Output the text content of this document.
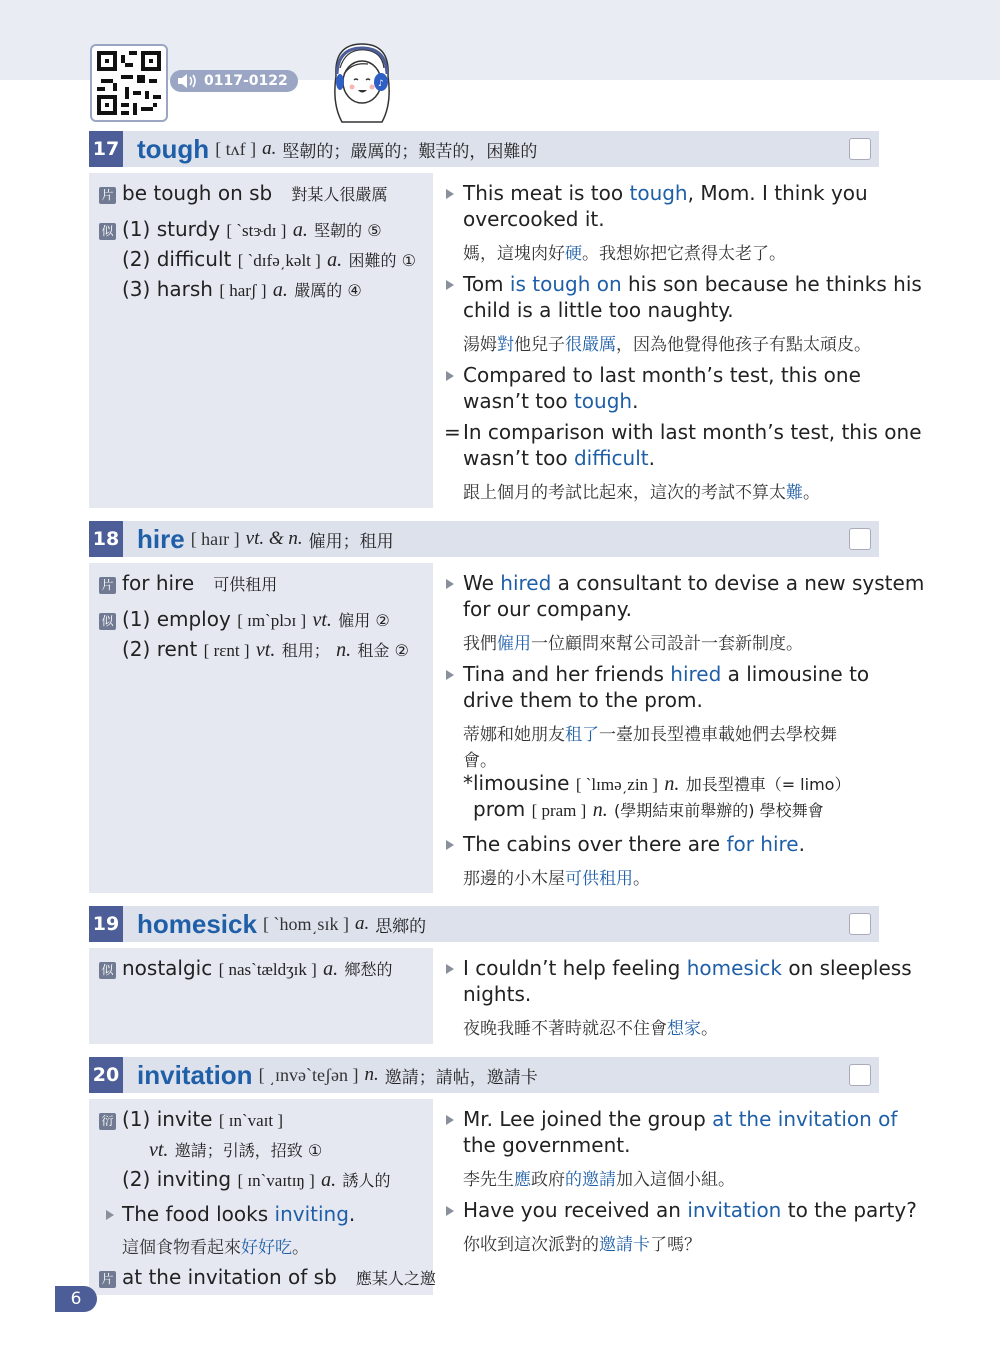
0117-0122	♪
17 tough [ tʌf ] a. 堅韌的；嚴厲的；艱苦的，困難的
片 be tough on sb 對某人很嚴厲
似 (1) sturdy [ ˋstɝdɪ ] a. 堅韌的 ⑤
(2) difficult [ ˋdɪfə͵kəlt ] a. 困難的 ①
(3) harsh [ harʃ ] a. 嚴厲的 ④
This meat is too tough, Mom. I think you
overcooked it.
媽，這塊肉好硬。我想妳把它煮得太老了。
Tom is tough on his son because he thinks his
child is a little too naughty.
湯姆對他兒子很嚴厲，因為他覺得他孩子有點太頑皮。
Compared to last month’s test, this one
wasn’t too tough.
= In comparison with last month’s test, this one
wasn’t too difficult.
跟上個月的考試比起來，這次的考試不算太難。
18 hire [ haɪr ] vt. & n. 僱用；租用
片 for hire 可供租用
似 (1) employ [ ɪmˋplɔɪ ] vt. 僱用 ②
(2) rent [ rɛnt ] vt. 租用； n. 租金 ②
We hired a consultant to devise a new system
for our company.
我們僱用一位顧問來幫公司設計一套新制度。
Tina and her friends hired a limousine to
drive them to the prom.
蒂娜和她朋友租了一臺加長型禮車載她們去學校舞
會。
*limousine [ ˋlɪmə͵zin ] n. 加長型禮車（= limo）
prom [ pram ] n. (學期結束前舉辦的) 學校舞會
The cabins over there are for hire.
那邊的小木屋可供租用。
19 homesick [ ˋhom͵sɪk ] a. 思鄉的
似 nostalgic [ nasˋtældʒɪk ] a. 鄉愁的	I couldn’t help feeling homesick on sleepless
nights.
夜晚我睡不著時就忍不住會想家。
20 invitation [ ͵ɪnvəˋteʃən ] n. 邀請；請帖，邀請卡
衍 (1) invite [ ɪnˋvaɪt ]
vt. 邀請；引誘，招致 ①
(2) inviting [ ɪnˋvaɪtɪŋ ] a. 誘人的
The food looks inviting.
這個食物看起來好好吃。
片 at the invitation of sb 應某人之邀
Mr. Lee joined the group at the invitation of
the government.
李先生應政府的邀請加入這個小組。
Have you received an invitation to the party?
你收到這次派對的邀請卡了嗎？
6
